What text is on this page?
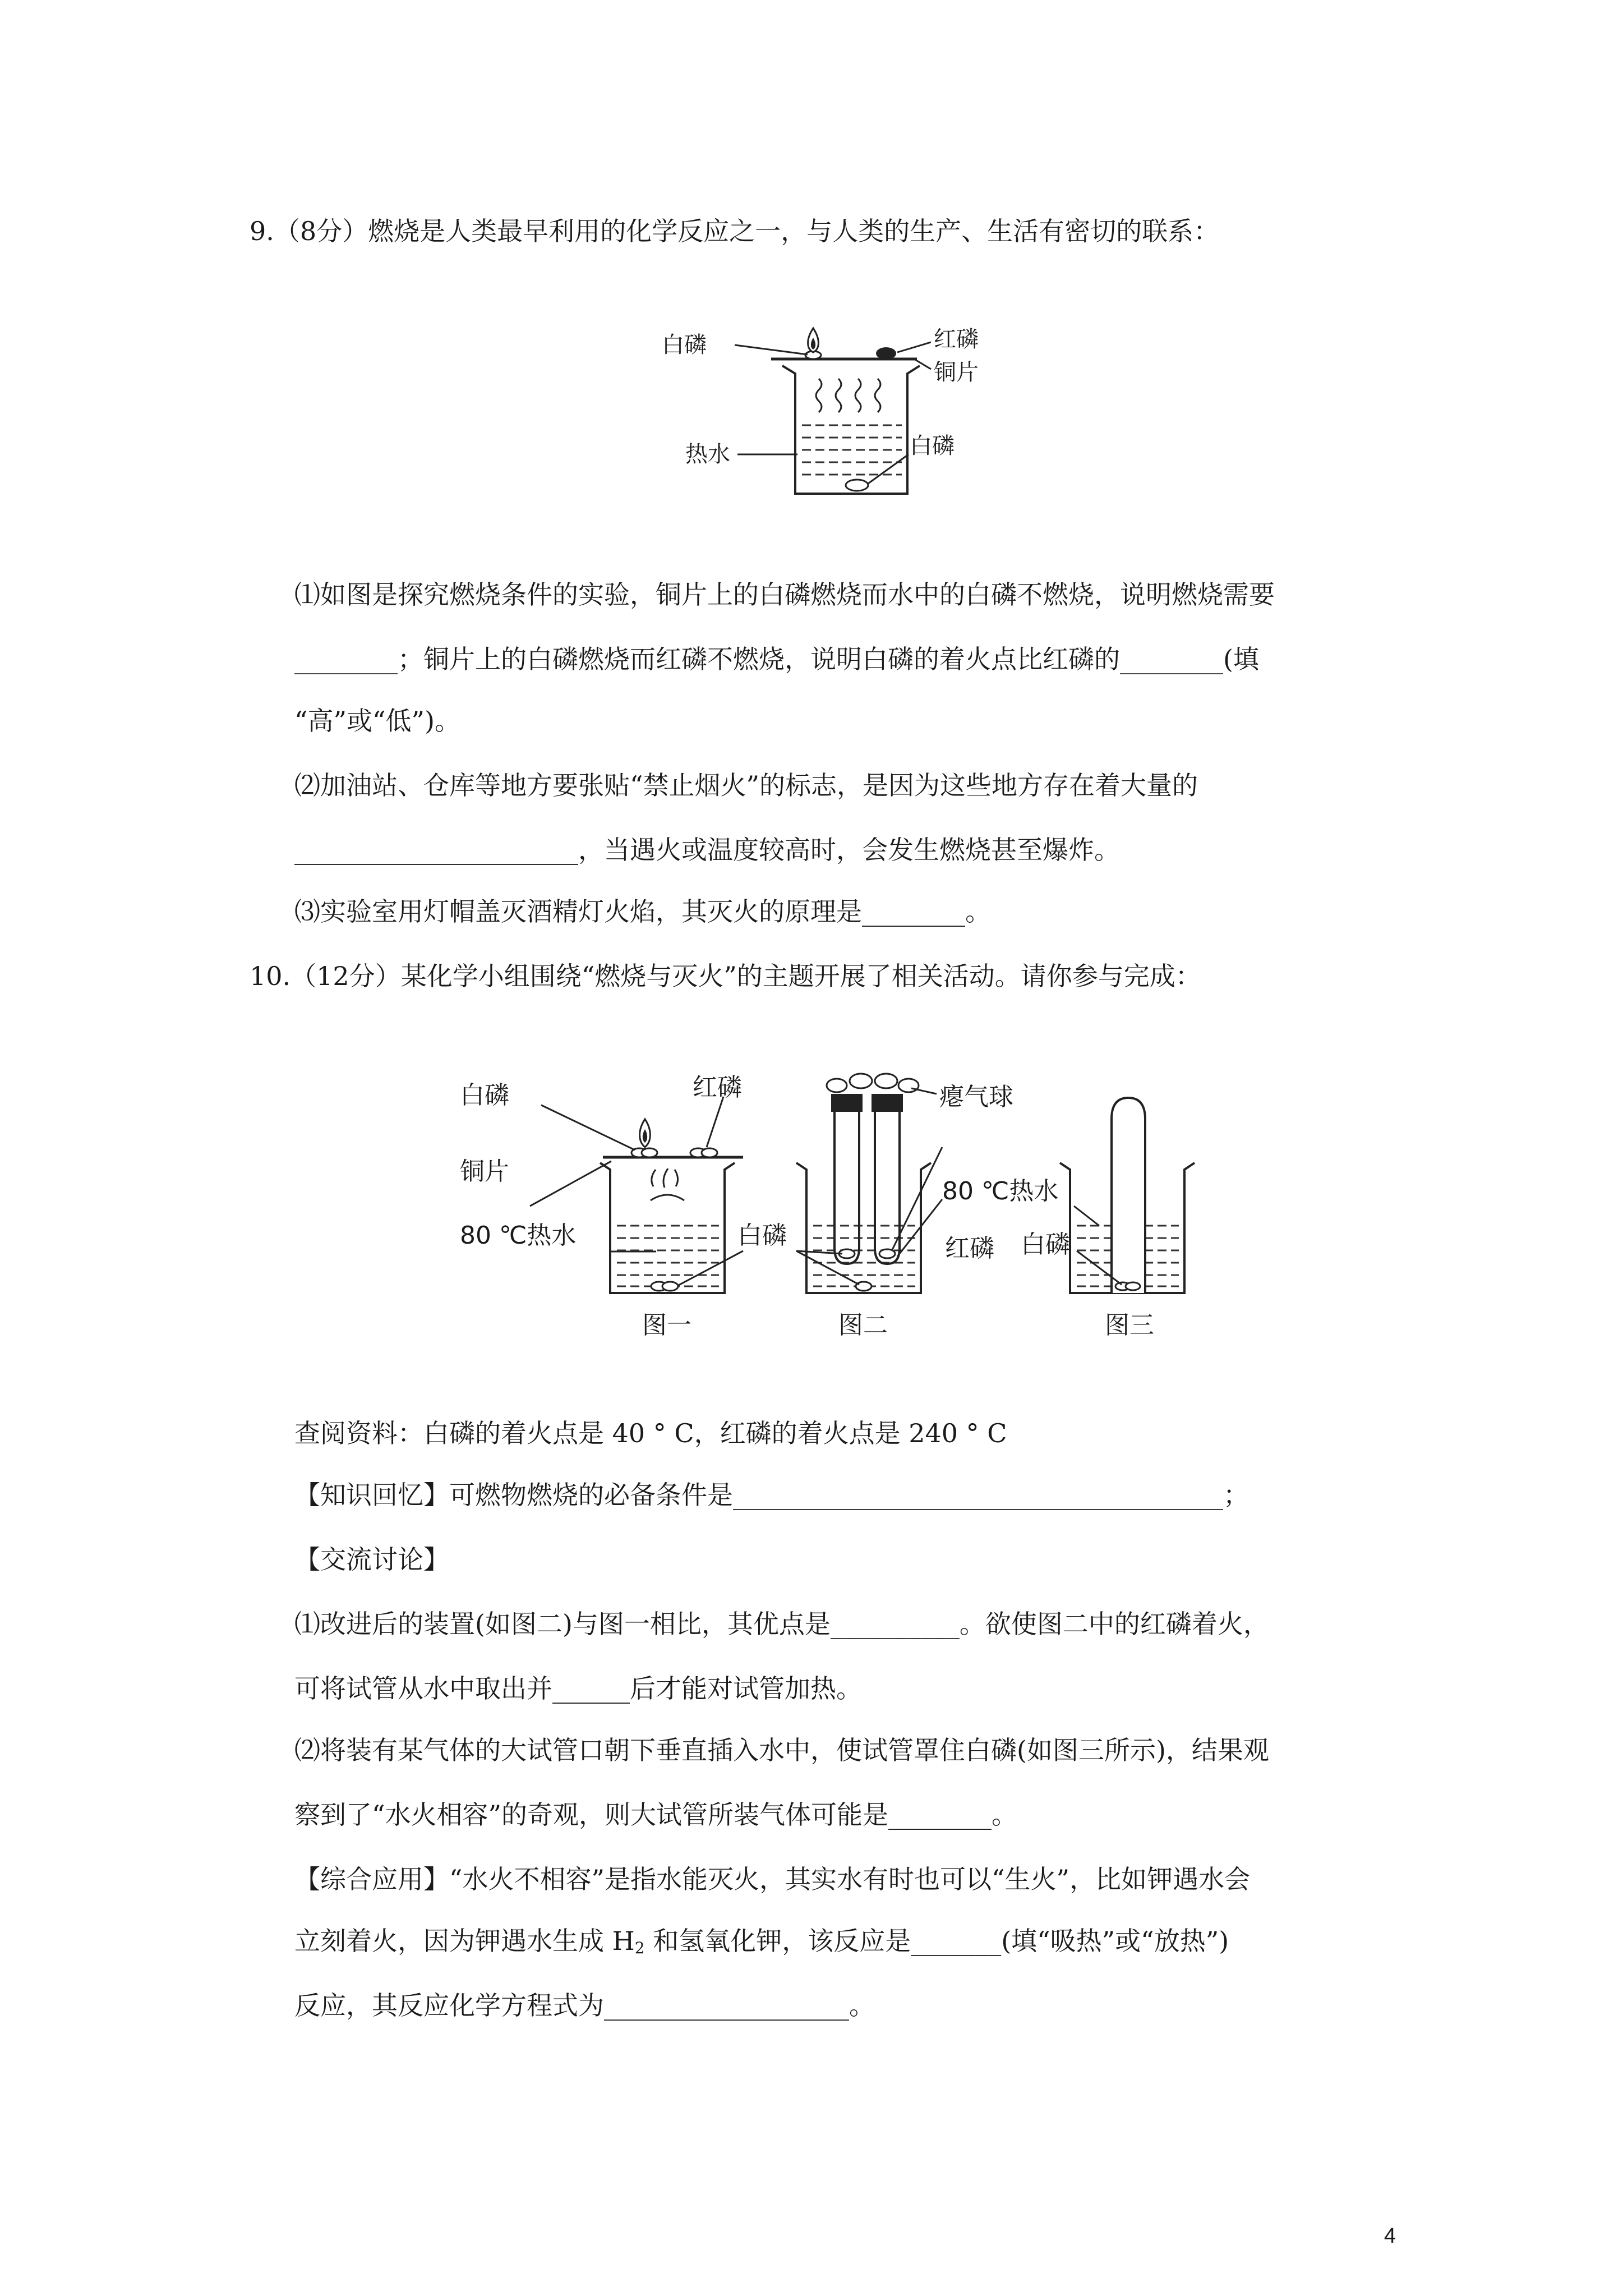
9.（8分）燃烧是人类最早利用的化学反应之一，与人类的生产、生活有密切的联系：
白磷	红磷
铜片
热水	白磷
⑴如图是探究燃烧条件的实验，铜片上的白磷燃烧而水中的白磷不燃烧，说明燃烧需要
________；铜片上的白磷燃烧而红磷不燃烧，说明白磷的着火点比红磷的________(填
“高”或“低”)。
⑵加油站、仓库等地方要张贴“禁止烟火”的标志，是因为这些地方存在着大量的
______________________，当遇火或温度较高时，会发生燃烧甚至爆炸。
⑶实验室用灯帽盖灭酒精灯火焰，其灭火的原理是________。
10.（12分）某化学小组围绕“燃烧与灭火”的主题开展了相关活动。请你参与完成：
白磷	红磷
铜片
80 ℃热水	白磷
瘪气球
80 ℃热水
红磷 白磷
图一	图二	图三
查阅资料：白磷的着火点是 40 ° C，红磷的着火点是 240 ° C
【知识回忆】可燃物燃烧的必备条件是______________________________________；
【交流讨论】
⑴改进后的装置(如图二)与图一相比，其优点是__________。欲使图二中的红磷着火，
可将试管从水中取出并______后才能对试管加热。
⑵将装有某气体的大试管口朝下垂直插入水中，使试管罩住白磷(如图三所示)，结果观
察到了“水火相容”的奇观，则大试管所装气体可能是________。
【综合应用】“水火不相容”是指水能灭火，其实水有时也可以“生火”，比如钾遇水会
立刻着火，因为钾遇水生成 $H_2$ 和氢氧化钾，该反应是_______(填“吸热”或“放热”)
反应，其反应化学方程式为___________________。
4
